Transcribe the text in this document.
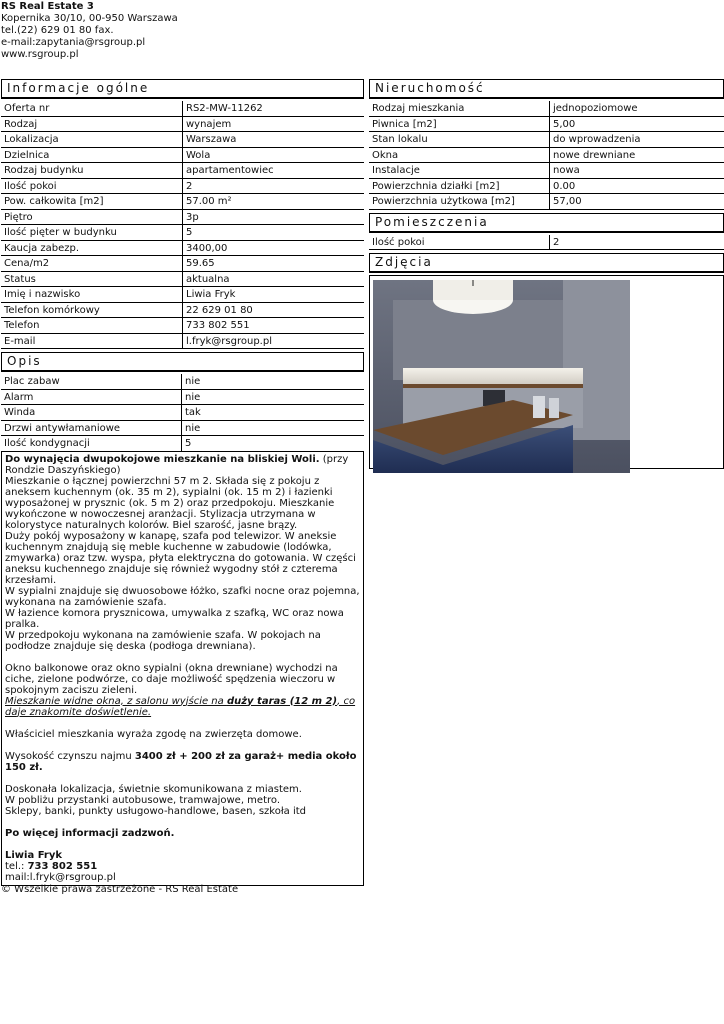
RS Real Estate 3
Kopernika 30/10, 00-950 Warszawa
tel.(22) 629 01 80 fax.
e-mail:zapytania@rsgroup.pl
www.rsgroup.pl
Informacje ogólne
Oferta nr	RS2-MW-11262
Rodzaj	wynajem
Lokalizacja	Warszawa
Dzielnica	Wola
Rodzaj budynku	apartamentowiec
Ilość pokoi	2
Pow. całkowita [m2]	57.00 m²
Piętro	3p
Ilość pięter w budynku	5
Kaucja zabezp.	3400,00
Cena/m2	59.65
Status	aktualna
Imię i nazwisko	Liwia Fryk
Telefon komórkowy	22 629 01 80
Telefon	733 802 551
E-mail	l.fryk@rsgroup.pl
Opis
Plac zabaw	nie
Alarm	nie
Winda	tak
Drzwi antywłamaniowe	nie
Ilość kondygnacji	5

Do wynajęcia dwupokojowe mieszkanie na bliskiej Woli. (przy Rondzie Daszyńskiego)

Mieszkanie o łącznej powierzchni 57 m 2. Składa się z pokoju z aneksem kuchennym (ok. 35 m 2), sypialni (ok. 15 m 2) i łazienki wyposażonej w prysznic (ok. 5 m 2) oraz przedpokoju. Mieszkanie wykończone w nowoczesnej aranżacji. Stylizacja utrzymana w kolorystyce naturalnych kolorów. Biel szarość, jasne brązy.

Duży pokój wyposażony w kanapę, szafa pod telewizor. W aneksie kuchennym znajdują się meble kuchenne w zabudowie (lodówka, zmywarka) oraz tzw. wyspa, płyta elektryczna do gotowania. W części aneksu kuchennego znajduje się również wygodny stół z czterema krzesłami.

W sypialni znajduje się dwuosobowe łóżko, szafki nocne oraz pojemna, wykonana na zamówienie szafa.

W łazience komora prysznicowa, umywalka z szafką, WC oraz nowa pralka.

W przedpokoju wykonana na zamówienie szafa. W pokojach na podłodze znajduje się deska (podłoga drewniana).

Okno balkonowe oraz okno sypialni (okna drewniane) wychodzi na ciche, zielone podwórze, co daje możliwość spędzenia wieczoru w spokojnym zaciszu zieleni.

Mieszkanie widne okna, z salonu wyjście na duży taras (12 m 2), co daje znakomite doświetlenie.

Właściciel mieszkania wyraża zgodę na zwierzęta domowe.

Wysokość czynszu najmu 3400 zł + 200 zł za garaż+ media około 150 zł.

Doskonała lokalizacja, świetnie skomunikowana z miastem.

W pobliżu przystanki autobusowe, tramwajowe, metro.

Sklepy, banki, punkty usługowo-handlowe, basen, szkoła itd

Po więcej informacji zadzwoń.

Liwia Fryk

tel.: 733 802 551

mail:l.fryk@rsgroup.pl

Nieruchomość
Rodzaj mieszkania	jednopoziomowe
Piwnica [m2]	5,00
Stan lokalu	do wprowadzenia
Okna	nowe drewniane
Instalacje	nowa
Powierzchnia działki [m2]	0.00
Powierzchnia użytkowa [m2]	57,00
Pomieszczenia
Ilość pokoi	2
Zdjęcia
© Wszelkie prawa zastrzeżone - RS Real Estate
